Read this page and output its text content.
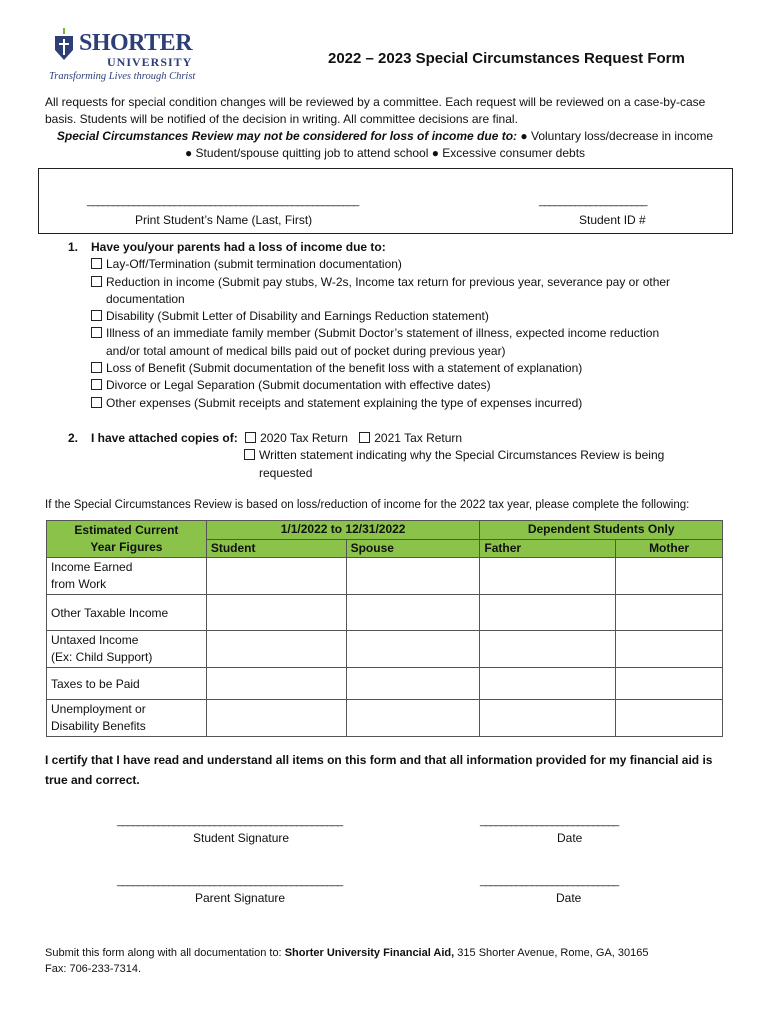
SHORTER
UNIVERSITY
Transforming Lives through Christ
2022 – 2023 Special Circumstances Request Form
All requests for special condition changes will be reviewed by a committee. Each request will be reviewed on a case-by-case basis. Students will be notified of the decision in writing. All committee decisions are final.
Special Circumstances Review may not be considered for loss of income due to: ● Voluntary loss/decrease in income
● Student/spouse quitting job to attend school ● Excessive consumer debts
_____________________________________________________
Print Student’s Name (Last, First)
_____________________
Student ID #
1. Have you/your parents had a loss of income due to:
Lay-Off/Termination (submit termination documentation)
Reduction in income (Submit pay stubs, W-2s, Income tax return for previous year, severance pay or other
documentation
Disability (Submit Letter of Disability and Earnings Reduction statement)
Illness of an immediate family member (Submit Doctor’s statement of illness, expected income reduction
and/or total amount of medical bills paid out of pocket during previous year)
Loss of Benefit (Submit documentation of the benefit loss with a statement of explanation)
Divorce or Legal Separation (Submit documentation with effective dates)
Other expenses (Submit receipts and statement explaining the type of expenses incurred)
2. I have attached copies of: 2020 Tax Return 2021 Tax Return
Written statement indicating why the Special Circumstances Review is being
requested
If the Special Circumstances Review is based on loss/reduction of income for the 2022 tax year, please complete the following:
Estimated Current
Year Figures	1/1/2022 to 12/31/2022		Dependent Students Only	
	Student	Spouse	Father	Mother

Income Earned
from Work				

Other Taxable Income				

Untaxed Income
(Ex: Child Support)				

Taxes to be Paid				

Unemployment or
Disability Benefits				

I certify that I have read and understand all items on this form and that all information provided for my financial aid is true and correct.
____________________________________________
Student Signature
___________________________
Date
____________________________________________
Parent Signature
___________________________
Date
Submit this form along with all documentation to: Shorter University Financial Aid, 315 Shorter Avenue, Rome, GA, 30165
Fax: 706-233-7314.
